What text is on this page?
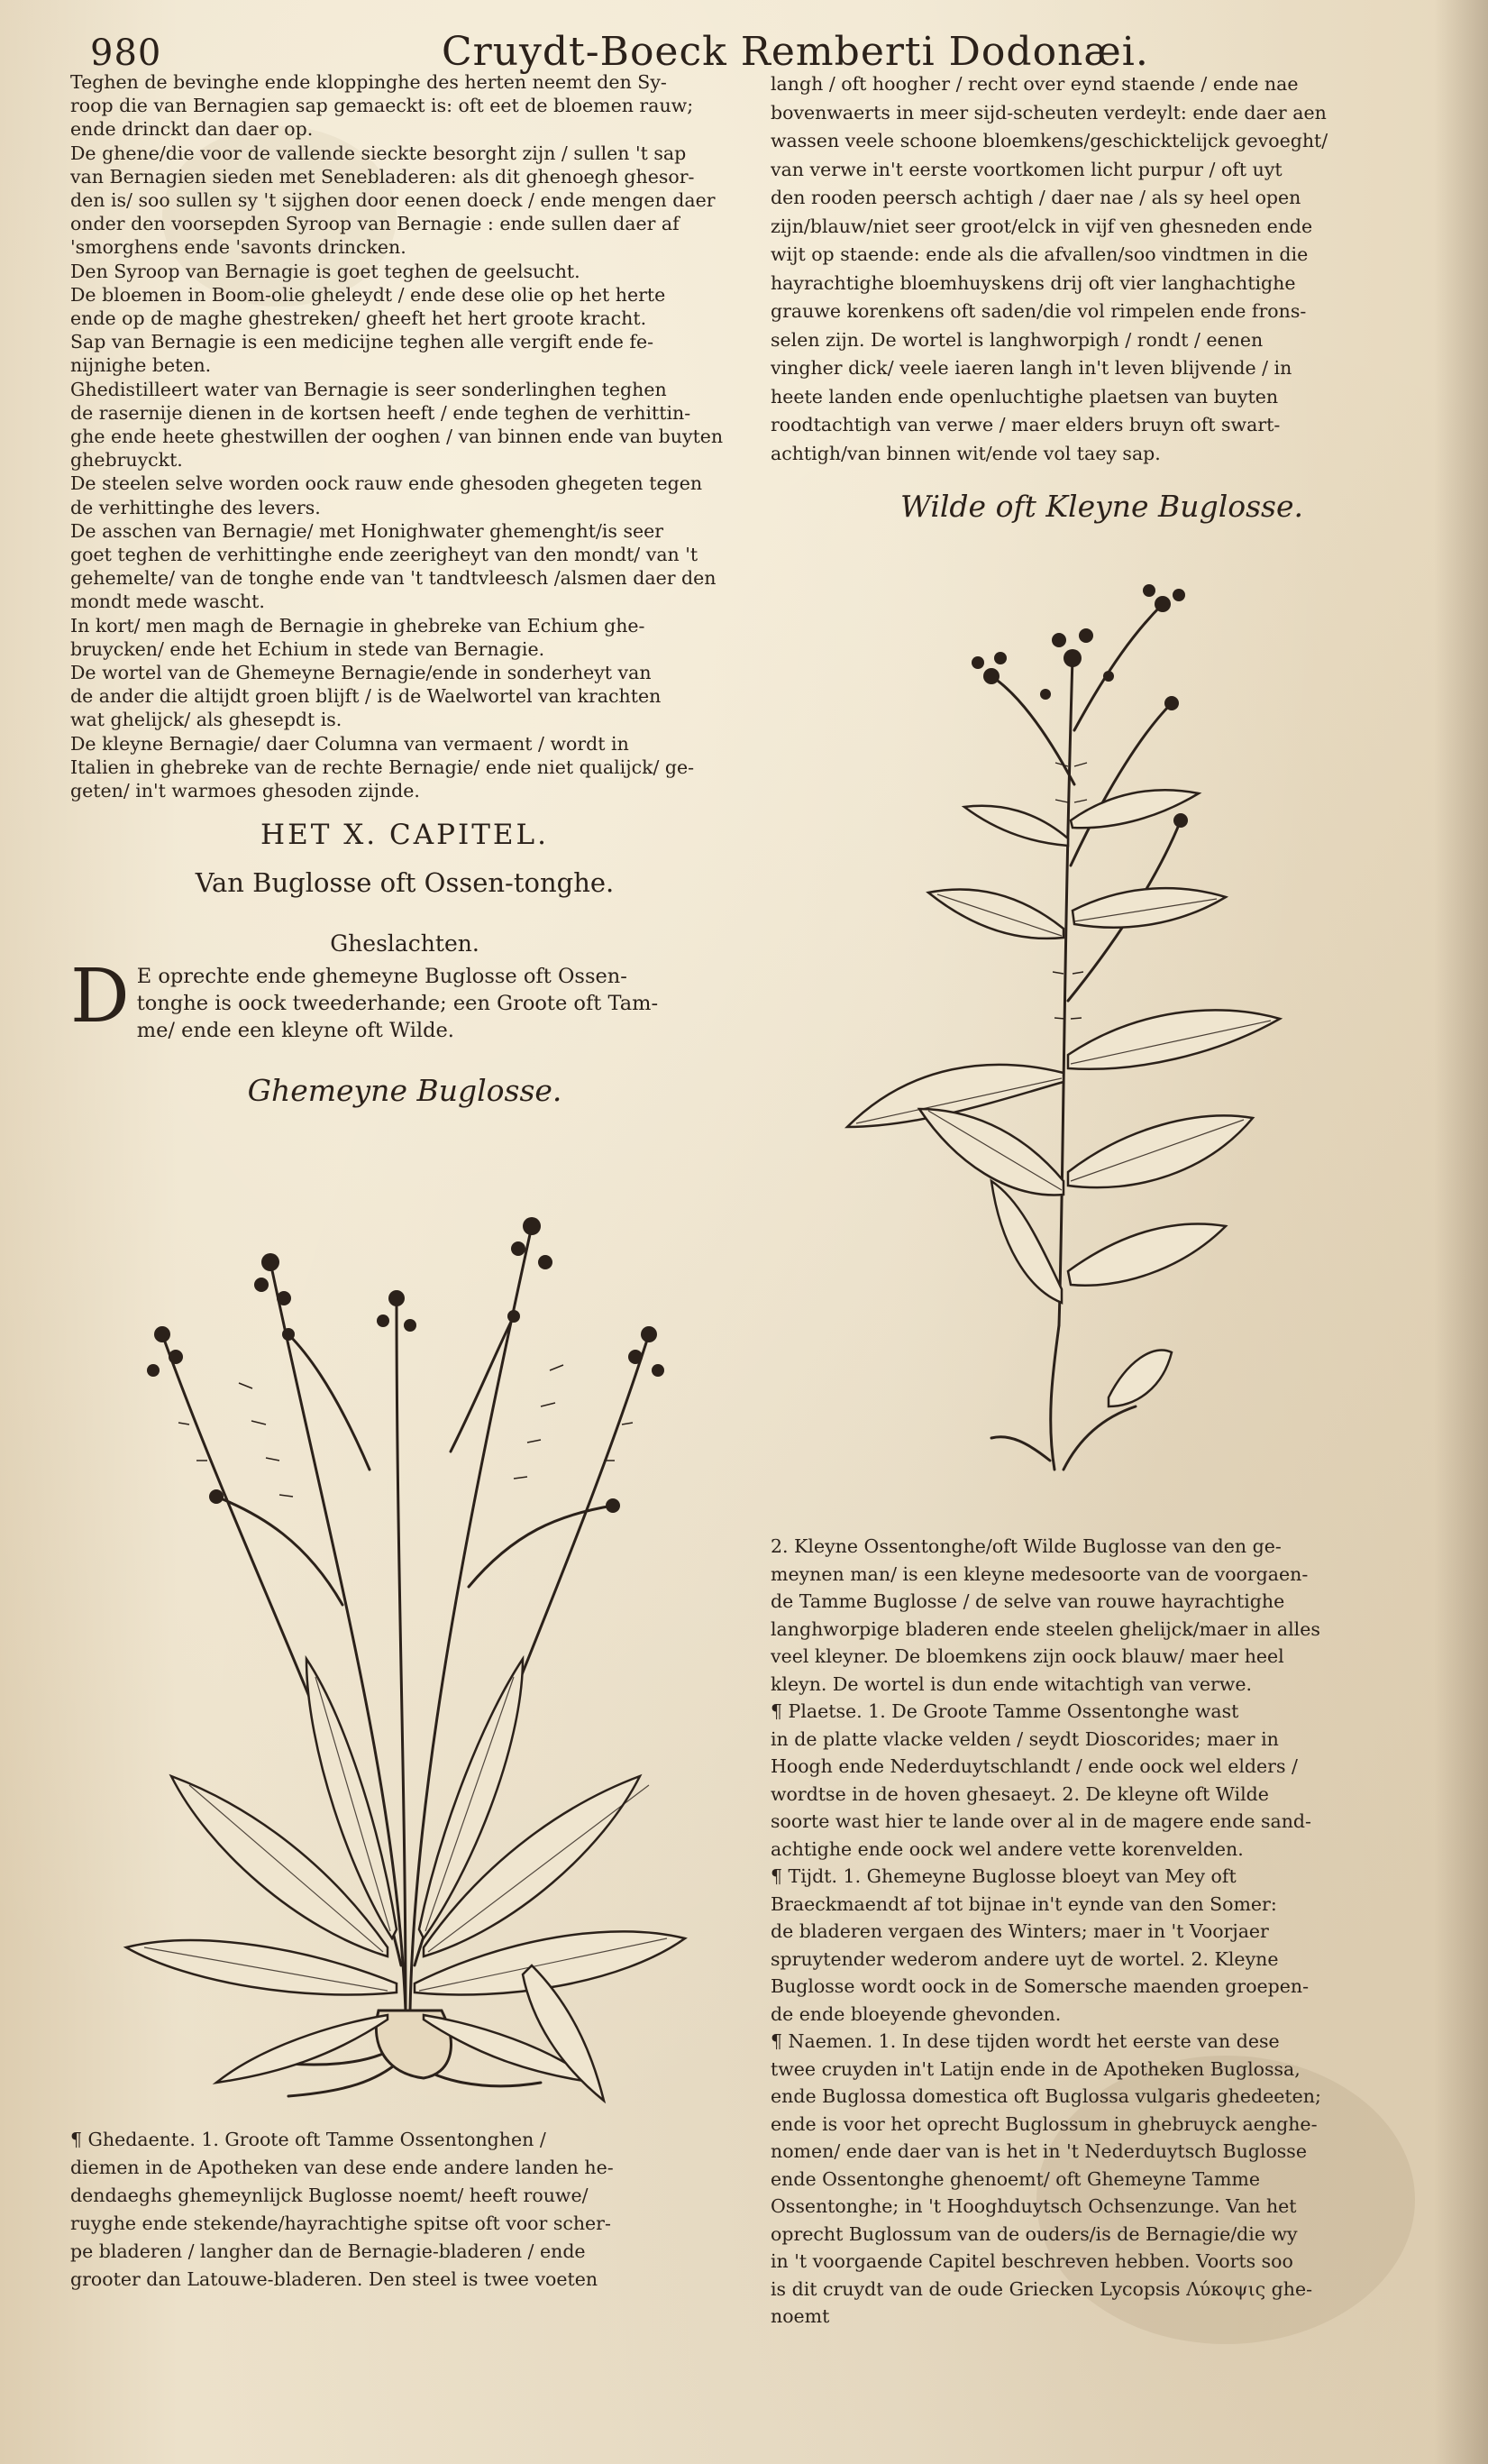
980	Cruydt-Boeck Remberti Dodonæi.
Teghen de bevinghe ende kloppinghe des herten neemt den Sy-
roop die van Bernagien sap gemaeckt is: oft eet de bloemen rauw;
ende drinckt dan daer op.
De ghene/die voor de vallende sieckte besorght zijn / sullen 't sap
van Bernagien sieden met Senebladeren: als dit ghenoegh ghesor-
den is/ soo sullen sy 't sijghen door eenen doeck / ende mengen daer
onder den voorsepden Syroop van Bernagie : ende sullen daer af
'smorghens ende 'savonts drincken.
Den Syroop van Bernagie is goet teghen de geelsucht.
De bloemen in Boom-olie gheleydt / ende dese olie op het herte
ende op de maghe ghestreken/ gheeft het hert groote kracht.
Sap van Bernagie is een medicijne teghen alle vergift ende fe-
nijnighe beten.
Ghedistilleert water van Bernagie is seer sonderlinghen teghen
de rasernije dienen in de kortsen heeft / ende teghen de verhittin-
ghe ende heete ghestwillen der ooghen / van binnen ende van buyten
ghebruyckt.
De steelen selve worden oock rauw ende ghesoden ghegeten tegen
de verhittinghe des levers.
De asschen van Bernagie/ met Honighwater ghemenght/is seer
goet teghen de verhittinghe ende zeerigheyt van den mondt/ van 't
gehemelte/ van de tonghe ende van 't tandtvleesch /alsmen daer den
mondt mede wascht.
In kort/ men magh de Bernagie in ghebreke van Echium ghe-
bruycken/ ende het Echium in stede van Bernagie.
De wortel van de Ghemeyne Bernagie/ende in sonderheyt van
de ander die altijdt groen blijft / is de Waelwortel van krachten
wat ghelijck/ als ghesepdt is.
De kleyne Bernagie/ daer Columna van vermaent / wordt in
Italien in ghebreke van de rechte Bernagie/ ende niet qualijck/ ge-
geten/ in't warmoes ghesoden zijnde.
HET X. CAPITEL.
Van Buglosse oft Ossen-tonghe.
Gheslachten.
D E oprechte ende ghemeyne Buglosse oft Ossen-
tonghe is oock tweederhande; een Groote oft Tam-
me/ ende een kleyne oft Wilde.
Ghemeyne Buglosse.
¶ Ghedaente. 1. Groote oft Tamme Ossentonghen /
diemen in de Apotheken van dese ende andere landen he-
dendaeghs ghemeynlijck Buglosse noemt/ heeft rouwe/
ruyghe ende stekende/hayrachtighe spitse oft voor scher-
pe bladeren / langher dan de Bernagie-bladeren / ende
grooter dan Latouwe-bladeren. Den steel is twee voeten
langh / oft hoogher / recht over eynd staende / ende nae
bovenwaerts in meer sijd-scheuten verdeylt: ende daer aen
wassen veele schoone bloemkens/geschicktelijck gevoeght/
van verwe in't eerste voortkomen licht purpur / oft uyt
den rooden peersch achtigh / daer nae / als sy heel open
zijn/blauw/niet seer groot/elck in vijf ven ghesneden ende
wijt op staende: ende als die afvallen/soo vindtmen in die
hayrachtighe bloemhuyskens drij oft vier langhachtighe
grauwe korenkens oft saden/die vol rimpelen ende frons-
selen zijn. De wortel is langhworpigh / rondt / eenen
vingher dick/ veele iaeren langh in't leven blijvende / in
heete landen ende openluchtighe plaetsen van buyten
roodtachtigh van verwe / maer elders bruyn oft swart-
achtigh/van binnen wit/ende vol taey sap.
Wilde oft Kleyne Buglosse.
2. Kleyne Ossentonghe/oft Wilde Buglosse van den ge-
meynen man/ is een kleyne medesoorte van de voorgaen-
de Tamme Buglosse / de selve van rouwe hayrachtighe
langhworpige bladeren ende steelen ghelijck/maer in alles
veel kleyner. De bloemkens zijn oock blauw/ maer heel
kleyn. De wortel is dun ende witachtigh van verwe.
¶ Plaetse. 1. De Groote Tamme Ossentonghe wast
in de platte vlacke velden / seydt Dioscorides; maer in
Hoogh ende Nederduytschlandt / ende oock wel elders /
wordtse in de hoven ghesaeyt. 2. De kleyne oft Wilde
soorte wast hier te lande over al in de magere ende sand-
achtighe ende oock wel andere vette korenvelden.
¶ Tijdt. 1. Ghemeyne Buglosse bloeyt van Mey oft
Braeckmaendt af tot bijnae in't eynde van den Somer:
de bladeren vergaen des Winters; maer in 't Voorjaer
spruytender wederom andere uyt de wortel. 2. Kleyne
Buglosse wordt oock in de Somersche maenden groepen-
de ende bloeyende ghevonden.
¶ Naemen. 1. In dese tijden wordt het eerste van dese
twee cruyden in't Latijn ende in de Apotheken Buglossa,
ende Buglossa domestica oft Buglossa vulgaris ghedeeten;
ende is voor het oprecht Buglossum in ghebruyck aenghe-
nomen/ ende daer van is het in 't Nederduytsch Buglosse
ende Ossentonghe ghenoemt/ oft Ghemeyne Tamme
Ossentonghe; in 't Hooghduytsch Ochsenzunge. Van het
oprecht Buglossum van de ouders/is de Bernagie/die wy
in 't voorgaende Capitel beschreven hebben. Voorts soo
is dit cruydt van de oude Griecken Lycopsis Λύκοψις ghe-
noemt
